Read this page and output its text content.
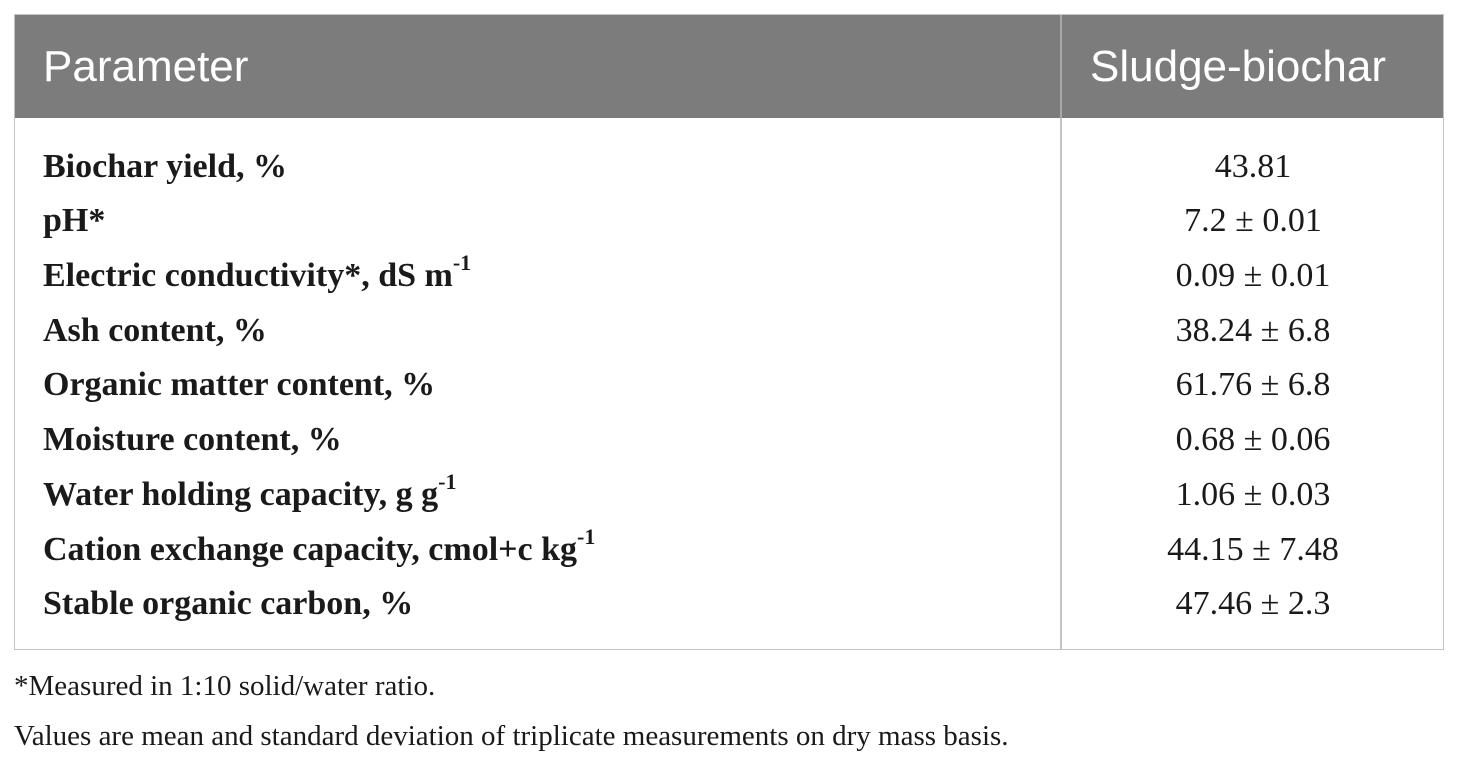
Parameter	Sludge-biochar
Biochar yield, %	43.81
pH*	7.2 ± 0.01
Electric conductivity*, dS $m^{-1}$	0.09 ± 0.01
Ash content, %	38.24 ± 6.8
Organic matter content, %	61.76 ± 6.8
Moisture content, %	0.68 ± 0.06
Water holding capacity, g $g^{-1}$	1.06 ± 0.03
Cation exchange capacity, cmol+c $kg^{-1}$	44.15 ± 7.48
Stable organic carbon, %	47.46 ± 2.3
*Measured in 1:10 solid/water ratio.
Values are mean and standard deviation of triplicate measurements on dry mass basis.
